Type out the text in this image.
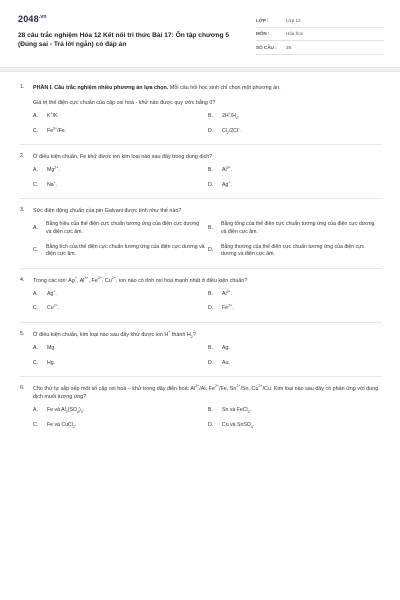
$2048^{.vn}$
28 câu trắc nghiệm Hóa 12 Kết nối tri thức Bài 17: Ôn tập chương 5 (Đúng sai - Trả lời ngắn) có đáp án
LỚP :	Lớp 12
MÔN :	Hóa học
SỐ CÂU :	28
1. PHẦN I. Câu trắc nghiệm nhiều phương án lựa chọn. Mỗi câu hỏi học sinh chỉ chọn một phương án.
Giá trị thế điện cực chuẩn của cặp oxi hoá - khử nào được quy ước bằng 0?
A.	K+/K.	B.	$2H^+/H_2$.
C.	$Fe^{3+}/Fe$.	D.	$Cl_2/2Cl^-$.
2. Ở điều kiện chuẩn, Fe khử được ion kim loại nào sau đây trong dung dịch?
A.	$Mg^{2+}$.	B.	$Al^{3+}$.
C.	Na+.	D.	Ag+.
3. Sức điện động chuẩn của pin Galvani được tính như thế nào?
A.
Bằng hiệu của thế điện cực chuẩn tương ứng của điện cực dương và điện cực âm.
B.
Bằng tổng của thế điện cực chuẩn tương ứng của điện cực dương và điện cực âm.
C.
Bằng tích của thế điện cực chuẩn tương ứng của điện cực dương và điện cực âm.
D.
Bằng thương của thế điện cực chuẩn tương ứng của điện cực dương và điện cực âm.
4. Trong các ion: Ag+, $Al^{3+}$, $Fe^{2+}$, $Cu^{2+}$, ion nào có tính oxi hoá mạnh nhất ở điều kiện chuẩn?
A.	Ag+.	B.	$Al^{3+}$.
C.	$Cu^{2+}$.	D.	$Fe^{2+}$.
5. Ở điều kiện chuẩn, kim loại nào sau đây khử được ion H+ thành $H_2$?
A.	Mg.	B.	Ag.
C.	Hg.	D.	Au.
6. Cho thứ tự sắp xếp một số cặp oxi hoá – khử trong dãy điện hoá: $Al^{3+}/Al$, $Fe^{2+}/Fe$, $Sn^{2+}/Sn$, $Cu^{2+}/Cu$. Kim loại nào sau đây có phản ứng với dung dịch muối tương ứng?
A.	Fe và $Al_2(SO_4)_3$.	B.	Sn và FeCl$_2$.
C.	Fe và CuCl$_2$.	D.	Cu và SnSO$_4$.
